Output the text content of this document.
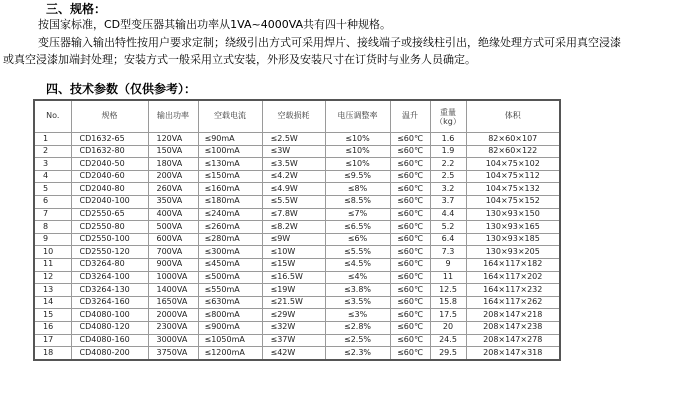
三、规格：
按国家标准，CD型变压器其输出功率从1VA~4000VA共有四十种规格。
变压器输入输出特性按用户要求定制；绕级引出方式可采用焊片、接线端子或接线柱引出，绝缘处理方式可采用真空浸漆
或真空浸漆加端封处理；安装方式一般采用立式安装，外形及安装尺寸在订货时与业务人员确定。
四、技术参数（仅供参考）：
No.	规格	输出功率	空载电流	空载损耗	电压调整率	温升	重量（kg）	体积
1	CD1632-65	120VA	≤90mA	≤2.5W	≤10%	≤60℃	1.6	82×60×107
2	CD1632-80	150VA	≤100mA	≤3W	≤10%	≤60℃	1.9	82×60×122
3	CD2040-50	180VA	≤130mA	≤3.5W	≤10%	≤60℃	2.2	104×75×102
4	CD2040-60	200VA	≤150mA	≤4.2W	≤9.5%	≤60℃	2.5	104×75×112
5	CD2040-80	260VA	≤160mA	≤4.9W	≤8%	≤60℃	3.2	104×75×132
6	CD2040-100	350VA	≤180mA	≤5.5W	≤8.5%	≤60℃	3.7	104×75×152
7	CD2550-65	400VA	≤240mA	≤7.8W	≤7%	≤60℃	4.4	130×93×150
8	CD2550-80	500VA	≤260mA	≤8.2W	≤6.5%	≤60℃	5.2	130×93×165
9	CD2550-100	600VA	≤280mA	≤9W	≤6%	≤60℃	6.4	130×93×185
10	CD2550-120	700VA	≤300mA	≤10W	≤5.5%	≤60℃	7.3	130×93×205
11	CD3264-80	900VA	≤450mA	≤15W	≤4.5%	≤60℃	9	164×117×182
12	CD3264-100	1000VA	≤500mA	≤16.5W	≤4%	≤60℃	11	164×117×202
13	CD3264-130	1400VA	≤550mA	≤19W	≤3.8%	≤60℃	12.5	164×117×232
14	CD3264-160	1650VA	≤630mA	≤21.5W	≤3.5%	≤60℃	15.8	164×117×262
15	CD4080-100	2000VA	≤800mA	≤29W	≤3%	≤60℃	17.5	208×147×218
16	CD4080-120	2300VA	≤900mA	≤32W	≤2.8%	≤60℃	20	208×147×238
17	CD4080-160	3000VA	≤1050mA	≤37W	≤2.5%	≤60℃	24.5	208×147×278
18	CD4080-200	3750VA	≤1200mA	≤42W	≤2.3%	≤60℃	29.5	208×147×318
